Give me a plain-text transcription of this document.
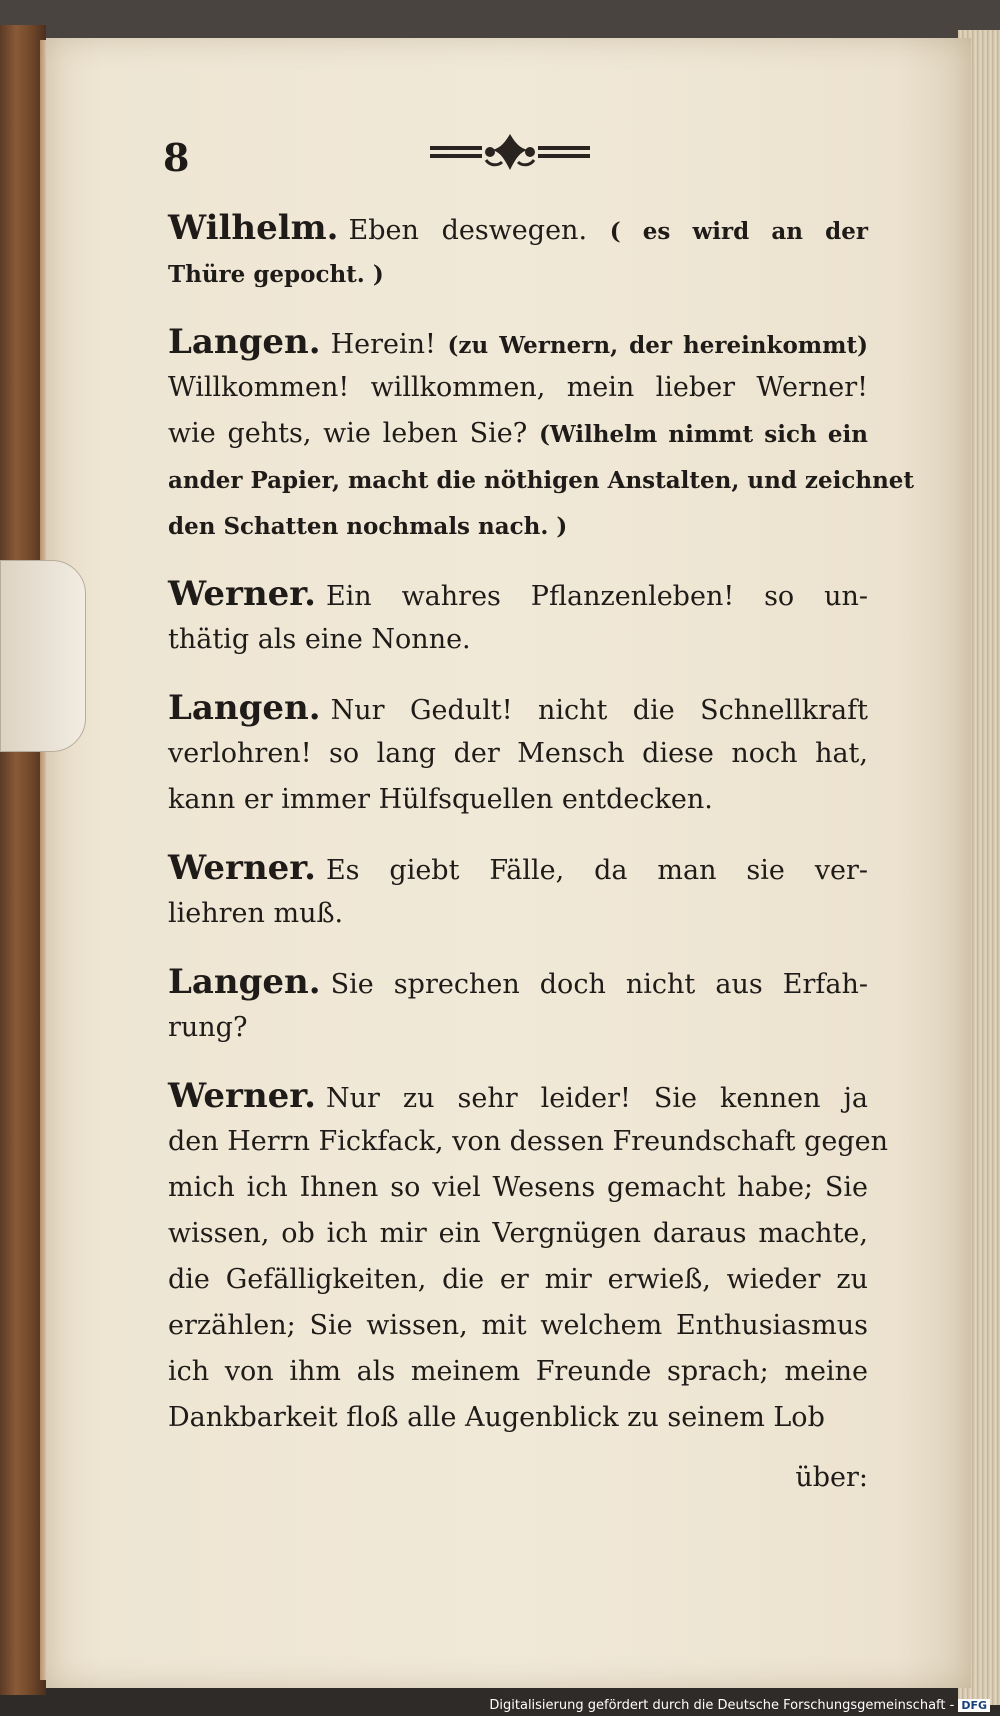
8
Wilhelm. Eben deswegen. ( es wird an der
Thüre gepocht. )
Langen. Herein! (zu Wernern, der hereinkommt)
Willkommen! willkommen, mein lieber Werner!
wie gehts, wie leben Sie? (Wilhelm nimmt sich ein
ander Papier, macht die nöthigen Anstalten, und zeichnet
den Schatten nochmals nach. )
Werner. Ein wahres Pflanzenleben! so un-
thätig als eine Nonne.
Langen. Nur Gedult! nicht die Schnellkraft
verlohren! so lang der Mensch diese noch hat,
kann er immer Hülfsquellen entdecken.
Werner. Es giebt Fälle, da man sie ver-
liehren muß.
Langen. Sie sprechen doch nicht aus Erfah-
rung?
Werner. Nur zu sehr leider! Sie kennen ja
den Herrn Fickfack, von dessen Freundschaft gegen
mich ich Ihnen so viel Wesens gemacht habe; Sie
wissen, ob ich mir ein Vergnügen daraus machte,
die Gefälligkeiten, die er mir erwieß, wieder zu
erzählen; Sie wissen, mit welchem Enthusiasmus
ich von ihm als meinem Freunde sprach; meine
Dankbarkeit floß alle Augenblick zu seinem Lob
über:
Digitalisierung gefördert durch die Deutsche Forschungsgemeinschaft - DFG
